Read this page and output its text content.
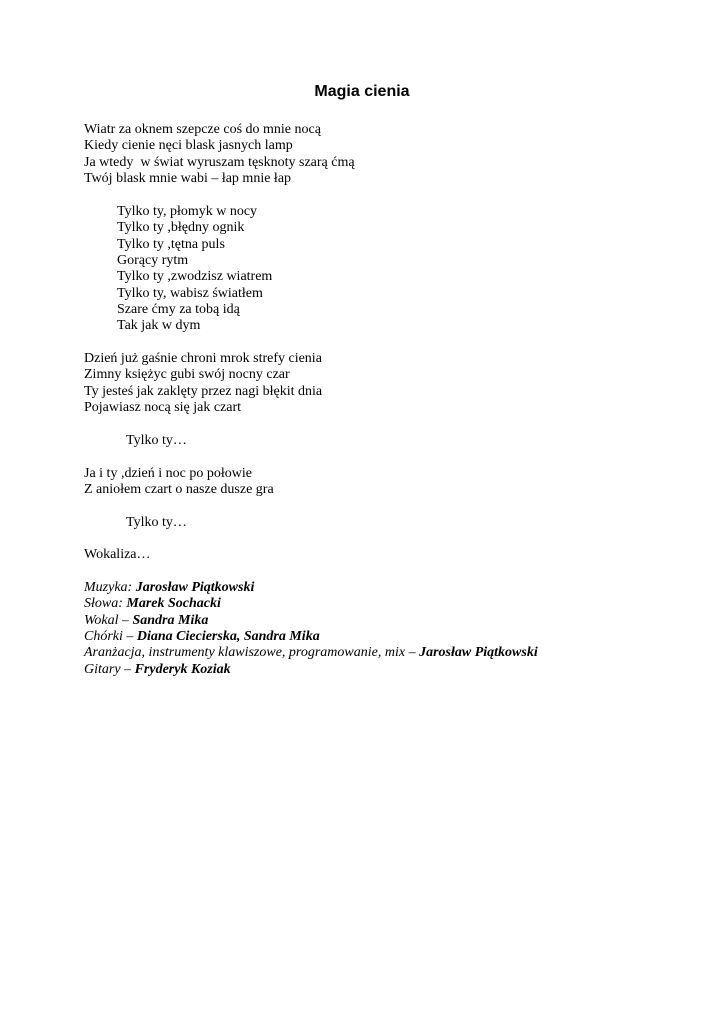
Magia cienia
Wiatr za oknem szepcze coś do mnie nocą
Kiedy cienie nęci blask jasnych lamp
Ja wtedy  w świat wyruszam tęsknoty szarą ćmą
Twój blask mnie wabi – łap mnie łap
Tylko ty, płomyk w nocy
Tylko ty ,błędny ognik
Tylko ty ,tętna puls
Gorący rytm
Tylko ty ,zwodzisz wiatrem
Tylko ty, wabisz światłem
Szare ćmy za tobą idą
Tak jak w dym
Dzień już gaśnie chroni mrok strefy cienia
Zimny księżyc gubi swój nocny czar
Ty jesteś jak zaklęty przez nagi błękit dnia
Pojawiasz nocą się jak czart
Tylko ty…
Ja i ty ,dzień i noc po połowie
Z aniołem czart o nasze dusze gra
Tylko ty…
Wokaliza…
Muzyka: Jarosław Piątkowski
Słowa: Marek Sochacki
Wokal – Sandra Mika
Chórki – Diana Ciecierska, Sandra Mika
Aranżacja, instrumenty klawiszowe, programowanie, mix – Jarosław Piątkowski
Gitary – Fryderyk Koziak
